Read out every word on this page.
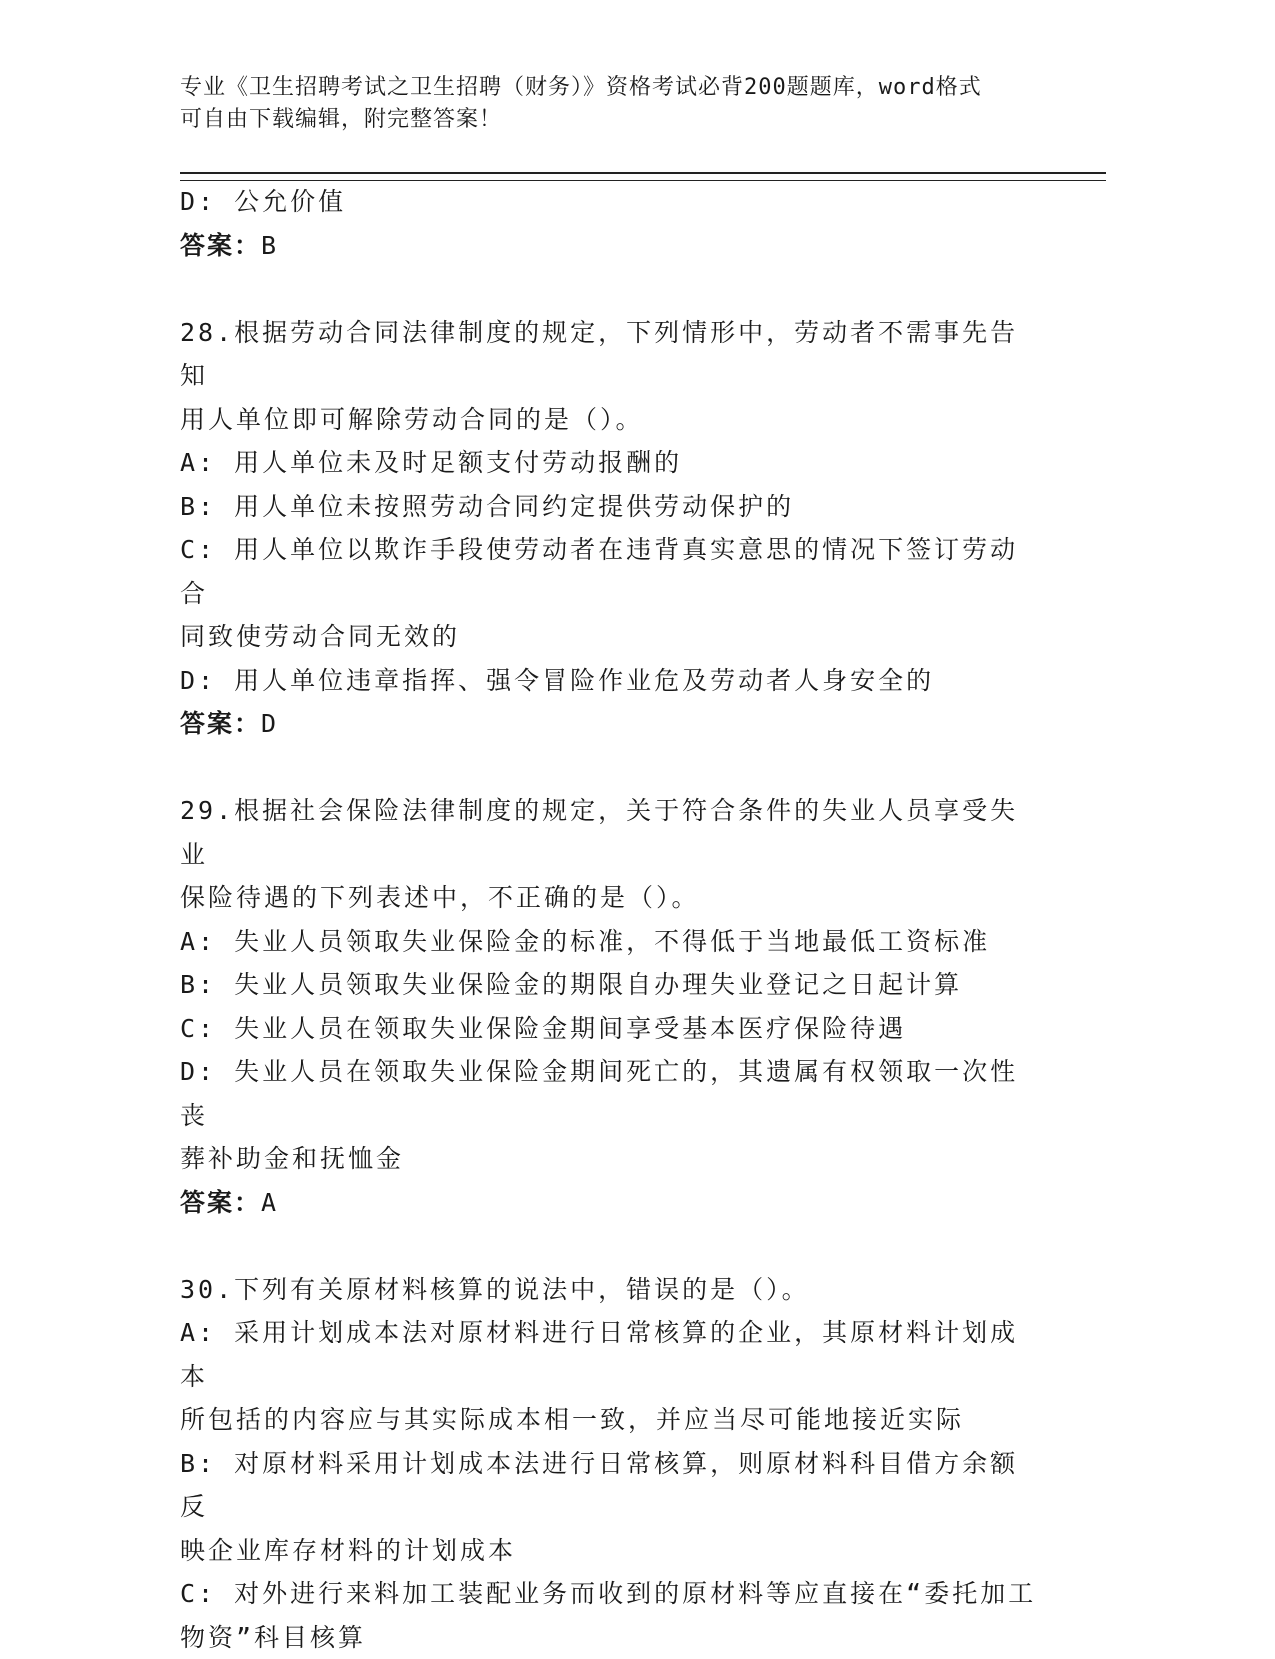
专业《卫生招聘考试之卫生招聘（财务）》资格考试必背200题题库，word格式
可自由下载编辑，附完整答案！
D: 公允价值
答案：B
28.根据劳动合同法律制度的规定，下列情形中，劳动者不需事先告知
用人单位即可解除劳动合同的是（）。
A: 用人单位未及时足额支付劳动报酬的
B: 用人单位未按照劳动合同约定提供劳动保护的
C: 用人单位以欺诈手段使劳动者在违背真实意思的情况下签订劳动合
同致使劳动合同无效的
D: 用人单位违章指挥、强令冒险作业危及劳动者人身安全的
答案：D
29.根据社会保险法律制度的规定，关于符合条件的失业人员享受失业
保险待遇的下列表述中，不正确的是（）。
A: 失业人员领取失业保险金的标准，不得低于当地最低工资标准
B: 失业人员领取失业保险金的期限自办理失业登记之日起计算
C: 失业人员在领取失业保险金期间享受基本医疗保险待遇
D: 失业人员在领取失业保险金期间死亡的，其遗属有权领取一次性丧
葬补助金和抚恤金
答案：A
30.下列有关原材料核算的说法中，错误的是（）。
A: 采用计划成本法对原材料进行日常核算的企业，其原材料计划成本
所包括的内容应与其实际成本相一致，并应当尽可能地接近实际
B: 对原材料采用计划成本法进行日常核算，则原材料科目借方余额反
映企业库存材料的计划成本
C: 对外进行来料加工装配业务而收到的原材料等应直接在“委托加工
物资”科目核算
